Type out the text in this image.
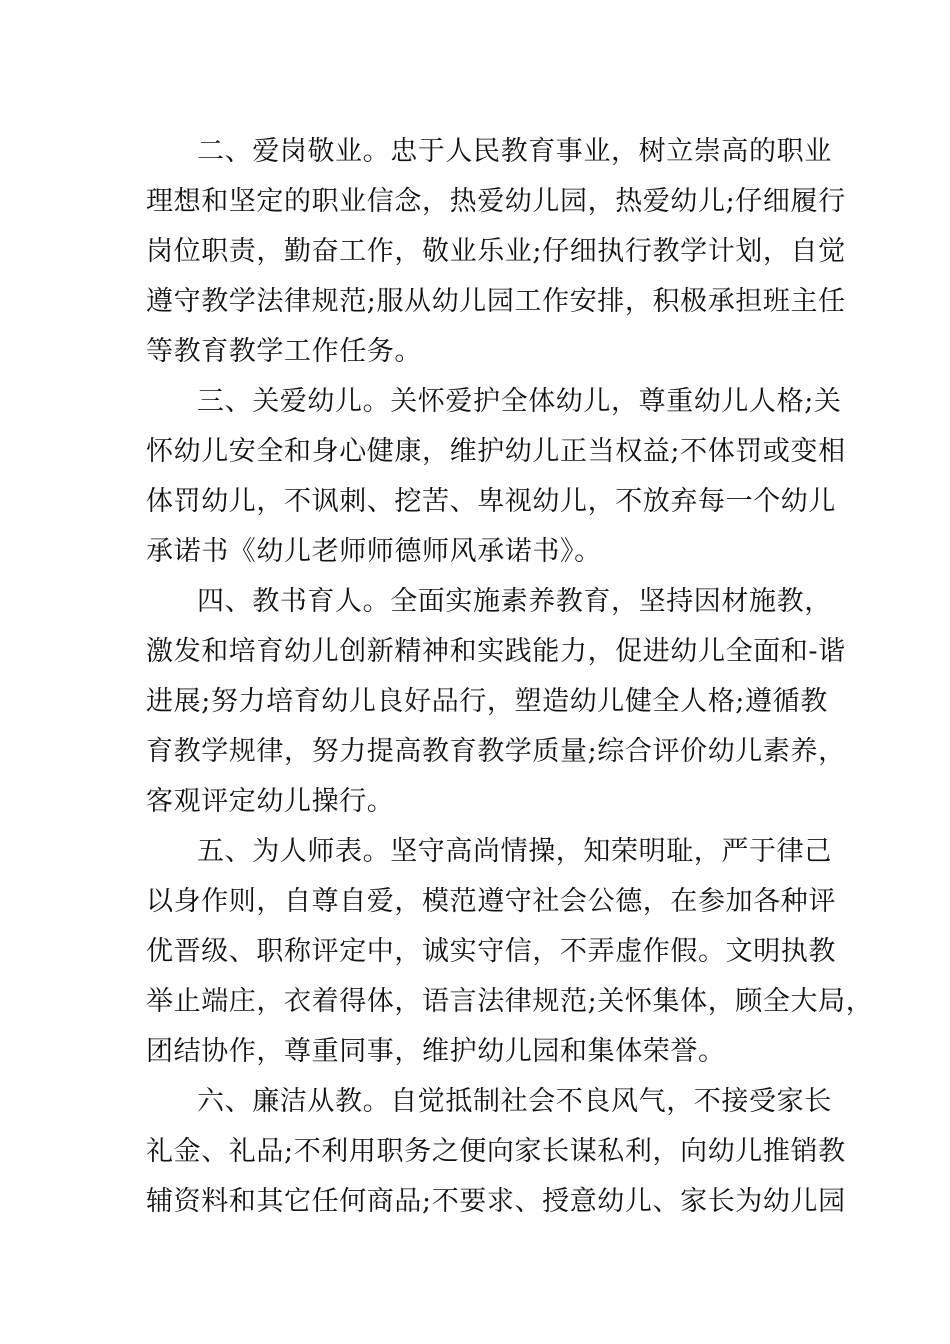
二、爱岗敬业。忠于人民教育事业，树立崇高的职业
理想和坚定的职业信念，热爱幼儿园，热爱幼儿;仔细履行
岗位职责，勤奋工作，敬业乐业;仔细执行教学计划，自觉
遵守教学法律规范;服从幼儿园工作安排，积极承担班主任
等教育教学工作任务。
三、关爱幼儿。关怀爱护全体幼儿，尊重幼儿人格;关
怀幼儿安全和身心健康，维护幼儿正当权益;不体罚或变相
体罚幼儿，不讽刺、挖苦、卑视幼儿，不放弃每一个幼儿
承诺书《幼儿老师师德师风承诺书》。
四、教书育人。全面实施素养教育，坚持因材施教，
激发和培育幼儿创新精神和实践能力，促进幼儿全面和-谐
进展;努力培育幼儿良好品行，塑造幼儿健全人格;遵循教
育教学规律，努力提高教育教学质量;综合评价幼儿素养，
客观评定幼儿操行。
五、为人师表。坚守高尚情操，知荣明耻，严于律己
以身作则，自尊自爱，模范遵守社会公德，在参加各种评
优晋级、职称评定中，诚实守信，不弄虚作假。文明执教
举止端庄，衣着得体，语言法律规范;关怀集体，顾全大局，
团结协作，尊重同事，维护幼儿园和集体荣誉。
六、廉洁从教。自觉抵制社会不良风气，不接受家长
礼金、礼品;不利用职务之便向家长谋私利，向幼儿推销教
辅资料和其它任何商品;不要求、授意幼儿、家长为幼儿园
